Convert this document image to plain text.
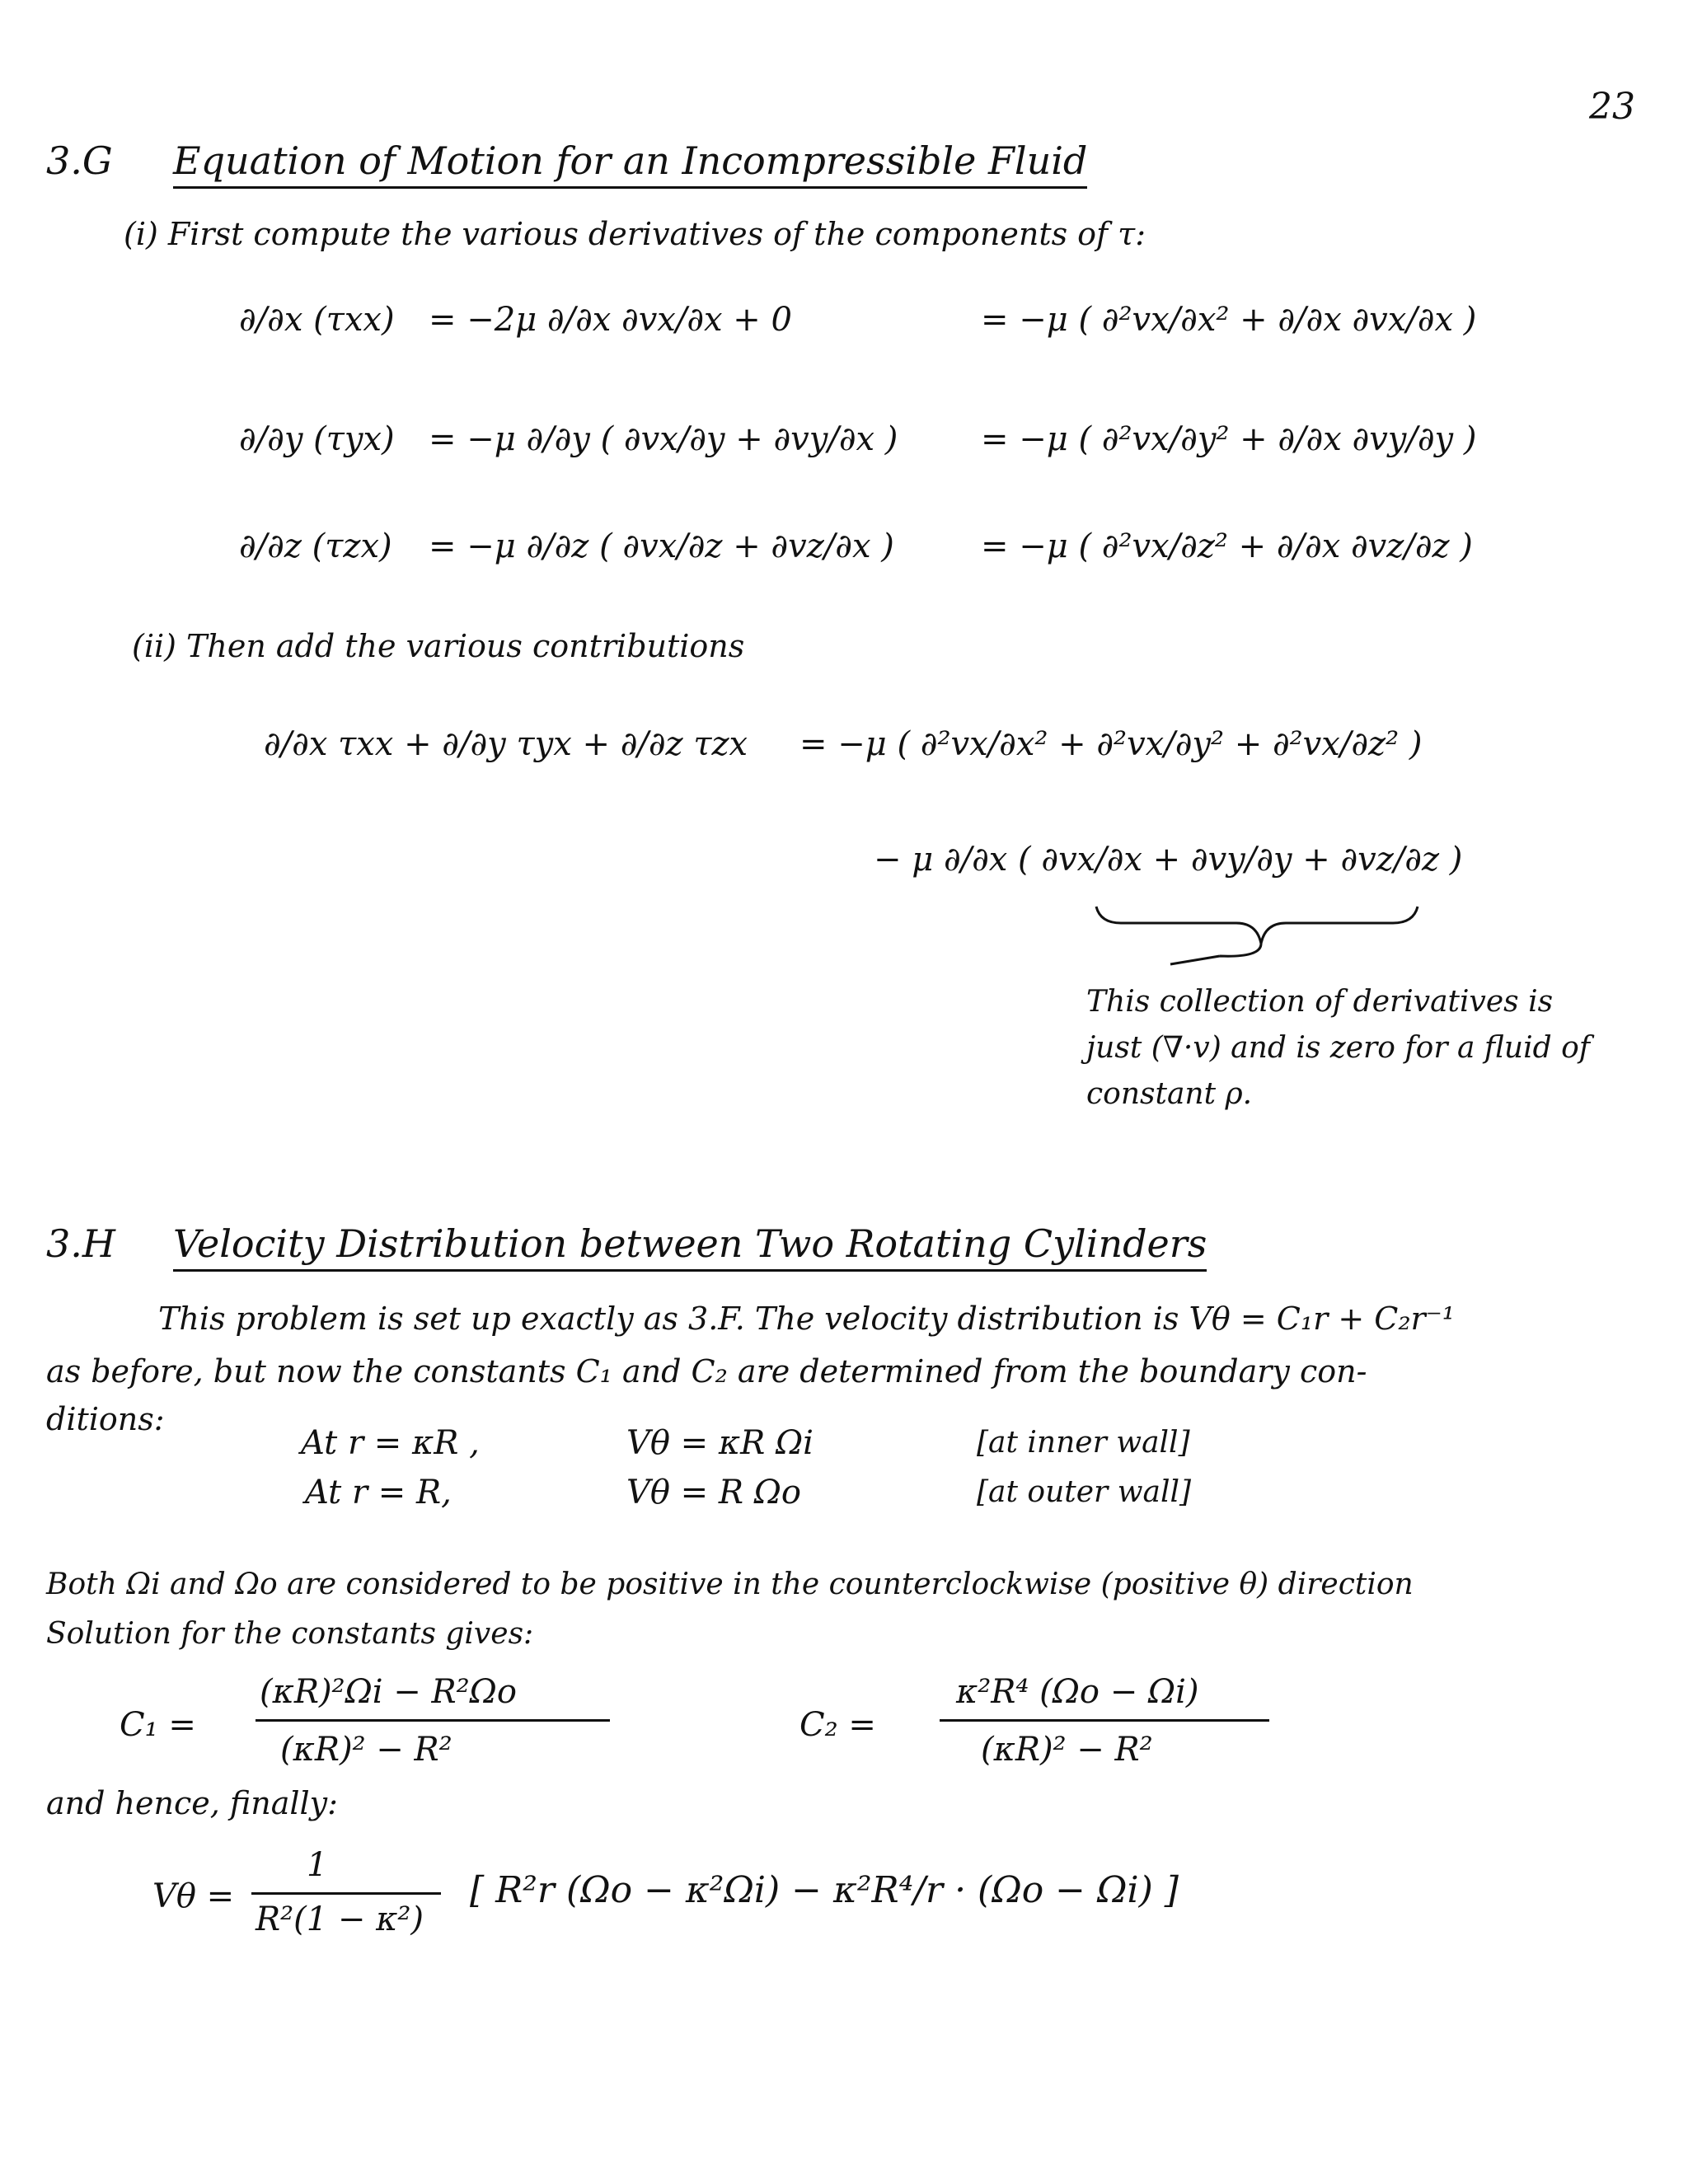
23
3.G Equation of Motion for an Incompressible Fluid
(i) First compute the various derivatives of the components of τ:
∂/∂x (τxx) = −2μ ∂/∂x ∂vx/∂x + 0	= −μ ( ∂²vx/∂x² + ∂/∂x ∂vx/∂x )
∂/∂y (τyx) = −μ ∂/∂y ( ∂vx/∂y + ∂vy/∂x )	= −μ ( ∂²vx/∂y² + ∂/∂x ∂vy/∂y )
∂/∂z (τzx) = −μ ∂/∂z ( ∂vx/∂z + ∂vz/∂x )	= −μ ( ∂²vx/∂z² + ∂/∂x ∂vz/∂z )
(ii) Then add the various contributions
∂/∂x τxx + ∂/∂y τyx + ∂/∂z τzx = −μ ( ∂²vx/∂x² + ∂²vx/∂y² + ∂²vx/∂z² )
− μ ∂/∂x ( ∂vx/∂x + ∂vy/∂y + ∂vz/∂z )
This collection of derivatives is just (∇·v) and is zero for a fluid of constant ρ.
3.H Velocity Distribution between Two Rotating Cylinders
This problem is set up exactly as 3.F. The velocity distribution is Vθ = C₁r + C₂r⁻¹
as before, but now the constants C₁ and C₂ are determined from the boundary con-
ditions:
At r = κR ,	Vθ = κR Ωi	[at inner wall]
At r = R,	Vθ = R Ωo	[at outer wall]
Both Ωi and Ωo are considered to be positive in the counterclockwise (positive θ) direction
Solution for the constants gives:
C₁ =
(κR)²Ωi − R²Ωo
(κR)² − R²
C₂ =
κ²R⁴ (Ωo − Ωi)
(κR)² − R²
and hence, finally:
Vθ =
1
R²(1 − κ²)
[ R²r (Ωo − κ²Ωi) − κ²R⁴/r · (Ωo − Ωi) ]
